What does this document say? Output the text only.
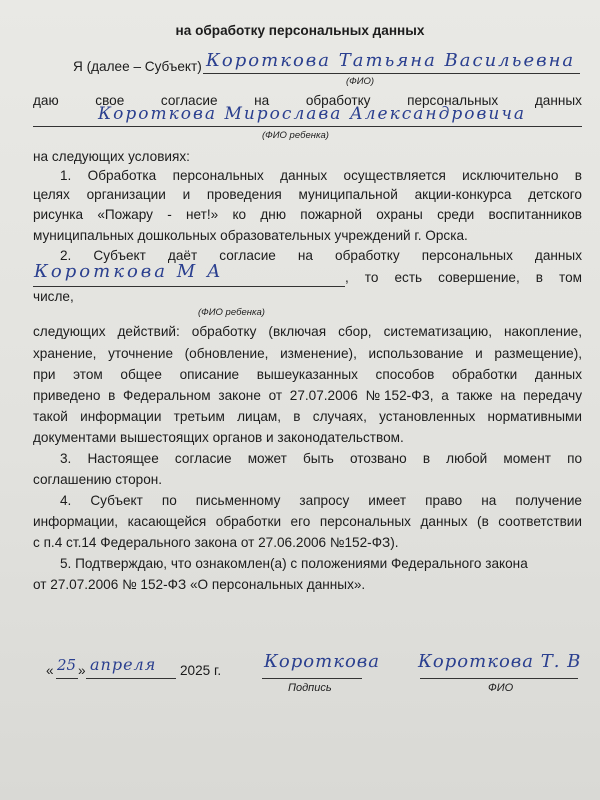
на обработку персональных данных
Я (далее – Субъект) Короткова Татьяна Васильевна
(ФИО)
даю	свое	согласие	на	обработку	персональных	данных
Короткова Мирослава Александровича
(ФИО ребенка)
на следующих условиях:
1. Обработка персональных данных осуществляется исключительно в
целях организации и проведения муниципальной акции-конкурса детского
рисунка «Пожару - нет!» ко дню пожарной охраны среди воспитанников
муниципальных дошкольных образовательных учреждений г. Орска.
2. Субъект даёт согласие на обработку персональных данных
Короткова М А	, то есть совершение, в том
числе,
(ФИО ребенка)
следующих действий: обработку (включая сбор, систематизацию, накопление,
хранение, уточнение (обновление, изменение), использование и размещение),
при этом общее описание вышеуказанных способов обработки данных
приведено в Федеральном законе от 27.07.2006 №152-ФЗ, а также на передачу
такой информации третьим лицам, в случаях, установленных нормативными
документами вышестоящих органов и законодательством.
3. Настоящее согласие может быть отозвано в любой момент по
соглашению сторон.
4. Субъект по письменному запросу имеет право на получение
информации, касающейся обработки его персональных данных (в соответствии
с п.4 ст.14 Федерального закона от 27.06.2006 №152-ФЗ).
5. Подтверждаю, что ознакомлен(а) с положениями Федерального закона
от 27.07.2006 № 152-ФЗ «О персональных данных».
« 25 » апреля 2025 г. Короткова
Подпись
Короткова Т. В
ФИО
